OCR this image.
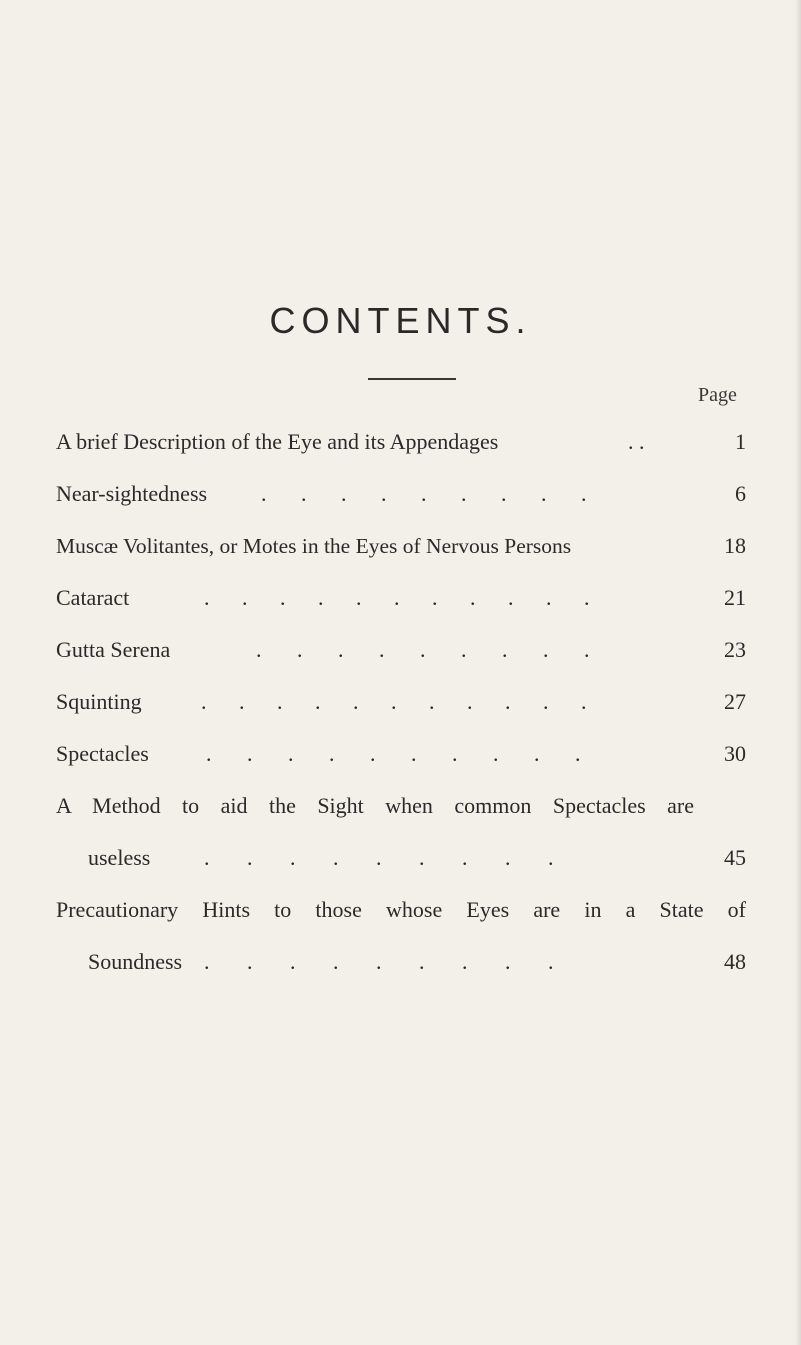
CONTENTS.
Page
A brief Description of the Eye and its Appendages	. .	1
Near-sightedness . . . . . . . . .	6
Muscæ Volitantes, or Motes in the Eyes of Nervous Persons	18
Cataract	. . . . . . . . . . .	21
Gutta Serena	. . . . . . . . .	23
Squinting	. . . . . . . . . . .	27
Spectacles	. . . . . . . . . .	30
A Method to aid the Sight when common Spectacles are
useless . . . . . . . . .	45
Precautionary Hints to those whose Eyes are in a State of
Soundness . . . . . . . . .	48
